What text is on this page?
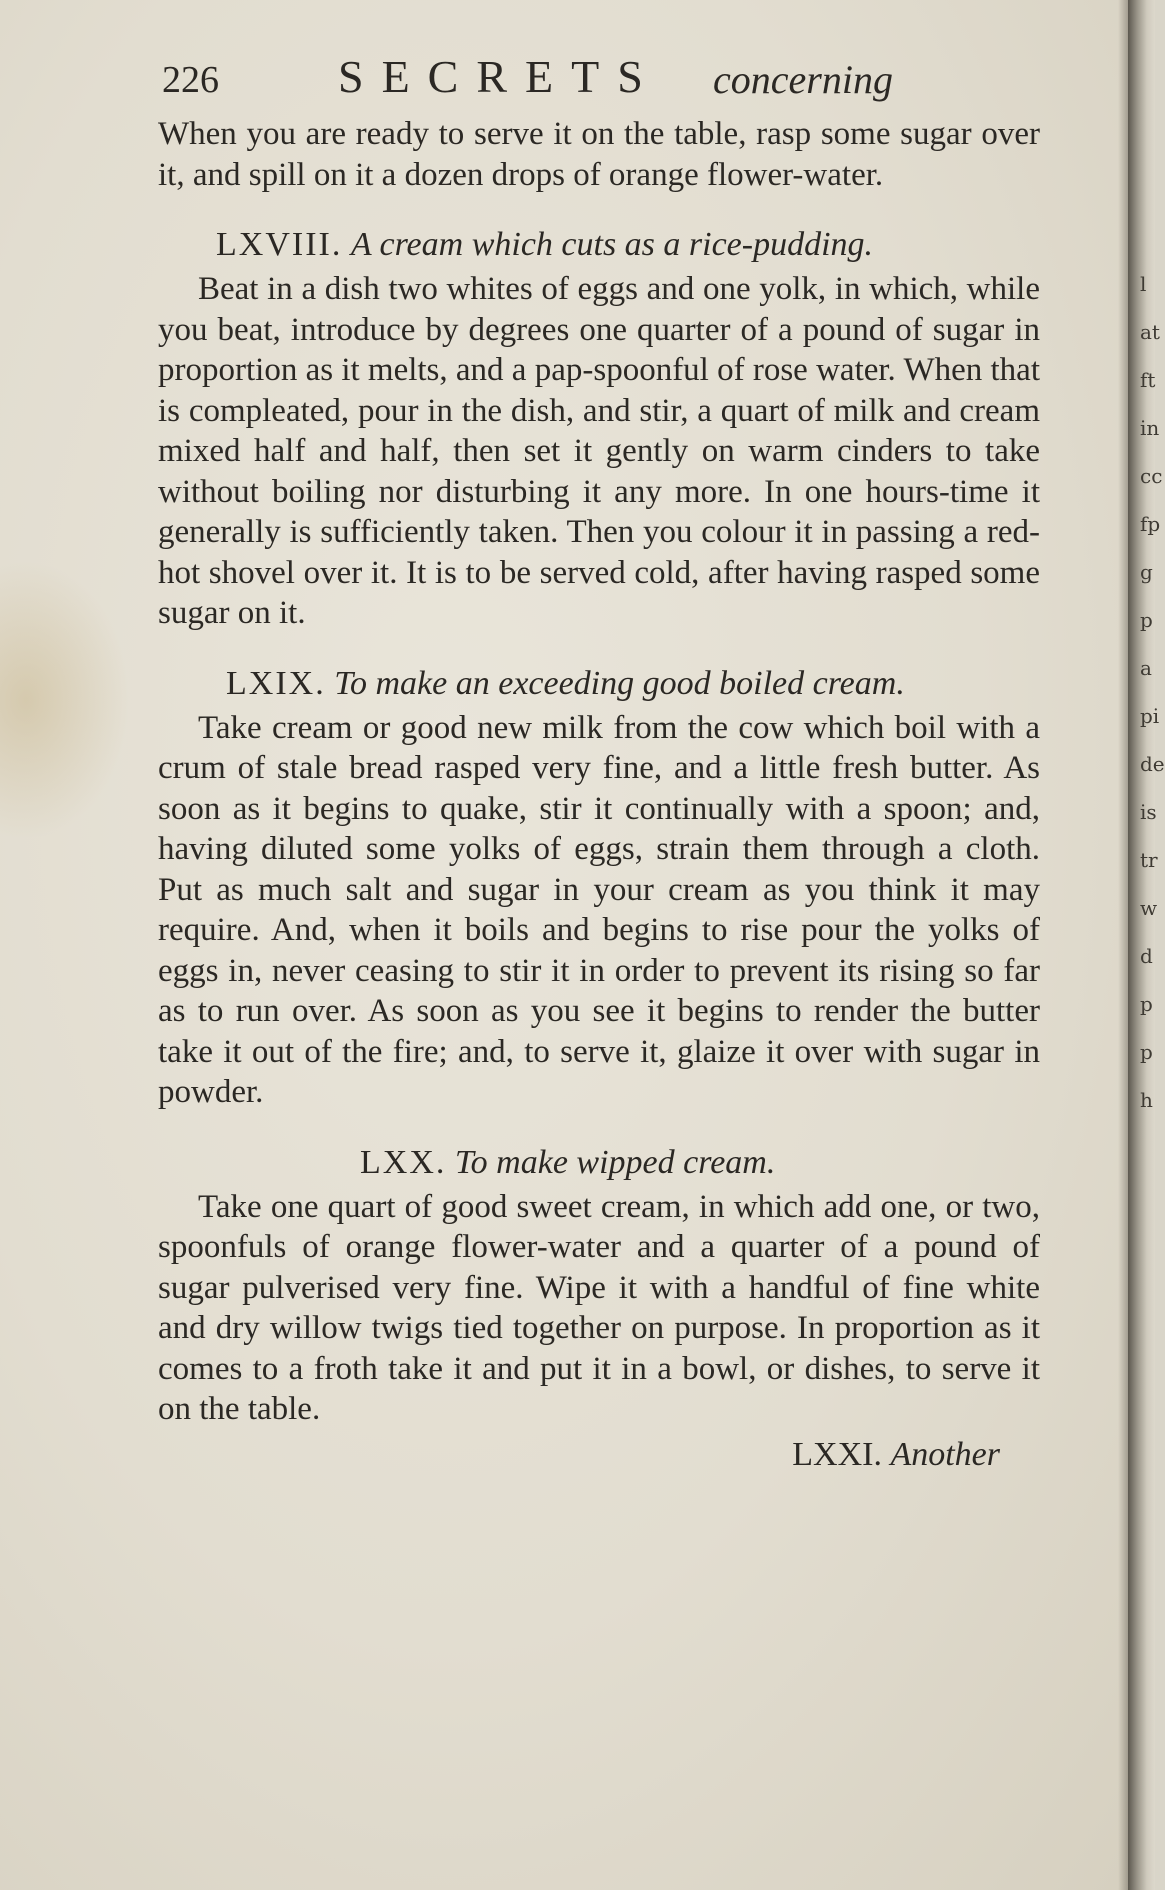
l
at
ft
in
cc
fp
g
p
a
pi
de
is
tr
w
d
p
p
h
226	SECRETS concerning

When you are ready to serve it on the table, rasp some sugar over it, and spill on it a dozen drops of orange flower-water.

LXVIII. A cream which cuts as a rice-pudding.

Beat in a dish two whites of eggs and one yolk, in which, while you beat, introduce by degrees one quarter of a pound of sugar in proportion as it melts, and a pap-spoonful of rose water. When that is compleated, pour in the dish, and stir, a quart of milk and cream mixed half and half, then set it gently on warm cinders to take without boiling nor disturbing it any more. In one hours-time it generally is sufficiently taken. Then you colour it in passing a red-hot shovel over it. It is to be served cold, after having rasped some sugar on it.

LXIX. To make an exceeding good boiled cream.

Take cream or good new milk from the cow which boil with a crum of stale bread rasped very fine, and a little fresh butter. As soon as it begins to quake, stir it continually with a spoon; and, having diluted some yolks of eggs, strain them through a cloth. Put as much salt and sugar in your cream as you think it may require. And, when it boils and begins to rise pour the yolks of eggs in, never ceasing to stir it in order to prevent its rising so far as to run over. As soon as you see it begins to render the butter take it out of the fire; and, to serve it, glaize it over with sugar in powder.

LXX. To make wipped cream.

Take one quart of good sweet cream, in which add one, or two, spoonfuls of orange flower-water and a quarter of a pound of sugar pulverised very fine. Wipe it with a handful of fine white and dry willow twigs tied together on purpose. In proportion as it comes to a froth take it and put it in a bowl, or dishes, to serve it on the table.

LXXI. Another
